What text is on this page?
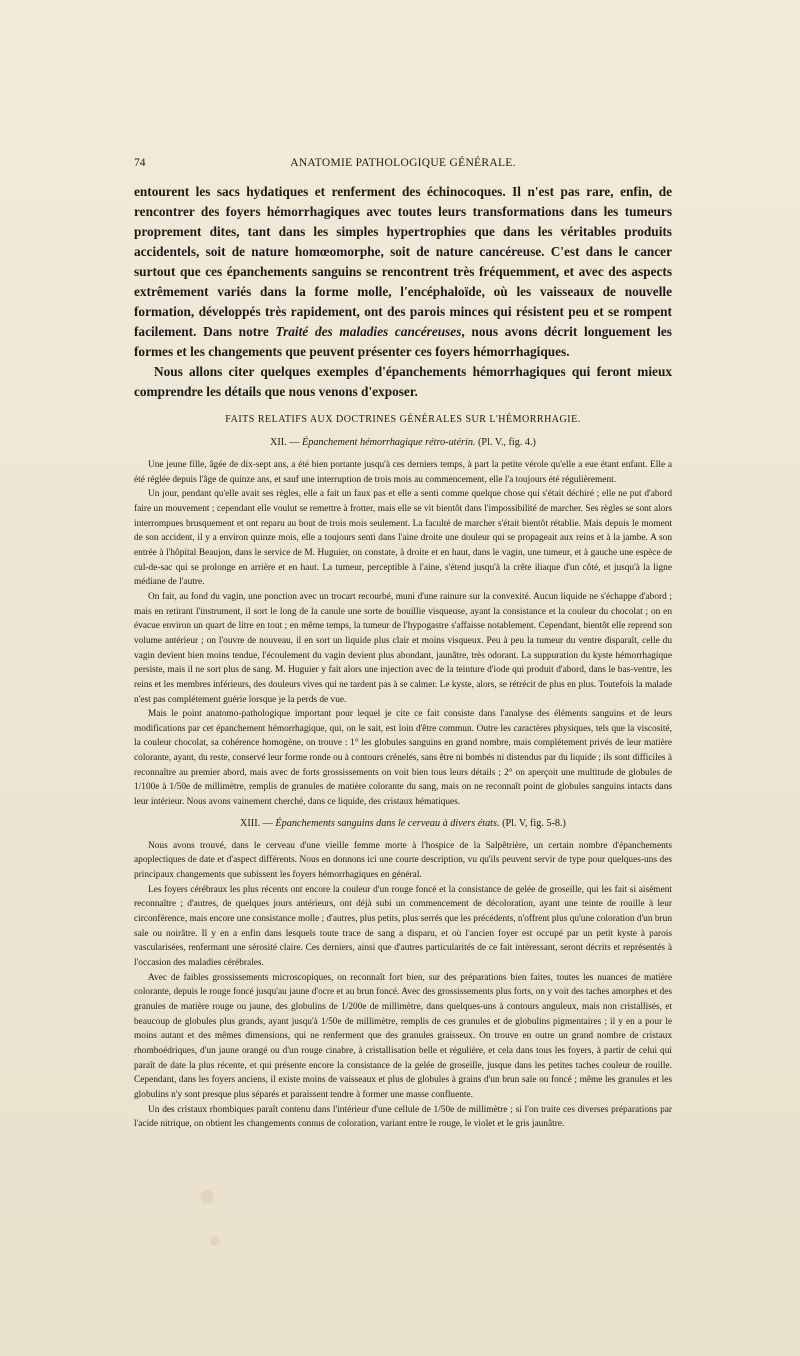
74	ANATOMIE PATHOLOGIQUE GÉNÉRALE.

entourent les sacs hydatiques et renferment des échinocoques. Il n'est pas rare, enfin, de rencontrer des foyers hémorrhagiques avec toutes leurs transformations dans les tumeurs proprement dites, tant dans les simples hypertrophies que dans les véritables produits accidentels, soit de nature homœomorphe, soit de nature cancéreuse. C'est dans le cancer surtout que ces épanchements sanguins se rencontrent très fréquemment, et avec des aspects extrêmement variés dans la forme molle, l'encéphaloïde, où les vaisseaux de nouvelle formation, développés très rapidement, ont des parois minces qui résistent peu et se rompent facilement. Dans notre Traité des maladies cancéreuses, nous avons décrit longuement les formes et les changements que peuvent présenter ces foyers hémorrhagiques.

Nous allons citer quelques exemples d'épanchements hémorrhagiques qui feront mieux comprendre les détails que nous venons d'exposer.

FAITS RELATIFS AUX DOCTRINES GÉNÉRALES SUR L'HÉMORRHAGIE.
XII. — Épanchement hémorrhagique rétro-utérin. (Pl. V., fig. 4.)

Une jeune fille, âgée de dix-sept ans, a été bien portante jusqu'à ces derniers temps, à part la petite vérole qu'elle a eue étant enfant. Elle a été réglée depuis l'âge de quinze ans, et sauf une interruption de trois mois au commencement, elle l'a toujours été régulièrement.

Un jour, pendant qu'elle avait ses règles, elle a fait un faux pas et elle a senti comme quelque chose qui s'était déchiré ; elle ne put d'abord faire un mouvement ; cependant elle voulut se remettre à frotter, mais elle se vit bientôt dans l'impossibilité de marcher. Ses règles se sont alors interrompues brusquement et ont reparu au bout de trois mois seulement. La faculté de marcher s'était bientôt rétablie. Mais depuis le moment de son accident, il y a environ quinze mois, elle a toujours senti dans l'aine droite une douleur qui se propageait aux reins et à la jambe. A son entrée à l'hôpital Beaujon, dans le service de M. Huguier, on constate, à droite et en haut, dans le vagin, une tumeur, et à gauche une espèce de cul-de-sac qui se prolonge en arrière et en haut. La tumeur, perceptible à l'aine, s'étend jusqu'à la crête iliaque d'un côté, et jusqu'à la ligne médiane de l'autre.

On fait, au fond du vagin, une ponction avec un trocart recourbé, muni d'une rainure sur la convexité. Aucun liquide ne s'échappe d'abord ; mais en retirant l'instrument, il sort le long de la canule une sorte de bouillie visqueuse, ayant la consistance et la couleur du chocolat ; on en évacue environ un quart de litre en tout ; en même temps, la tumeur de l'hypogastre s'affaisse notablement. Cependant, bientôt elle reprend son volume antérieur ; on l'ouvre de nouveau, il en sort un liquide plus clair et moins visqueux. Peu à peu la tumeur du ventre disparaît, celle du vagin devient bien moins tendue, l'écoulement du vagin devient plus abondant, jaunâtre, très odorant. La suppuration du kyste hémorrhagique persiste, mais il ne sort plus de sang. M. Huguier y fait alors une injection avec de la teinture d'iode qui produit d'abord, dans le bas-ventre, les reins et les membres inférieurs, des douleurs vives qui ne tardent pas à se calmer. Le kyste, alors, se rétrécit de plus en plus. Toutefois la malade n'est pas complétement guérie lorsque je la perds de vue.

Mais le point anatomo-pathologique important pour lequel je cite ce fait consiste dans l'analyse des éléments sanguins et de leurs modifications par cet épanchement hémorrhagique, qui, on le sait, est loin d'être commun. Outre les caractères physiques, tels que la viscosité, la couleur chocolat, sa cohérence homogène, on trouve : 1° les globules sanguins en grand nombre, mais complétement privés de leur matière colorante, ayant, du reste, conservé leur forme ronde ou à contours crénelés, sans être ni bombés ni distendus par du liquide ; ils sont difficiles à reconnaître au premier abord, mais avec de forts grossissements on voit bien tous leurs détails ; 2° on aperçoit une multitude de globules de 1/100e à 1/50e de millimètre, remplis de granules de matière colorante du sang, mais on ne reconnaît point de globules sanguins intacts dans leur intérieur. Nous avons vainement cherché, dans ce liquide, des cristaux hématiques.

XIII. — Épanchements sanguins dans le cerveau à divers états. (Pl. V, fig. 5-8.)

Nous avons trouvé, dans le cerveau d'une vieille femme morte à l'hospice de la Salpêtrière, un certain nombre d'épanchements apoplectiques de date et d'aspect différents. Nous en donnons ici une courte description, vu qu'ils peuvent servir de type pour quelques-uns des principaux changements que subissent les foyers hémorrhagiques en général.

Les foyers cérébraux les plus récents ont encore la couleur d'un rouge foncé et la consistance de gelée de groseille, qui les fait si aisément reconnaître ; d'autres, de quelques jours antérieurs, ont déjà subi un commencement de décoloration, ayant une teinte de rouille à leur circonférence, mais encore une consistance molle ; d'autres, plus petits, plus serrés que les précédents, n'offrent plus qu'une coloration d'un brun sale ou noirâtre. Il y en a enfin dans lesquels toute trace de sang a disparu, et où l'ancien foyer est occupé par un petit kyste à parois vascularisées, renfermant une sérosité claire. Ces derniers, ainsi que d'autres particularités de ce fait intéressant, seront décrits et représentés à l'occasion des maladies cérébrales.

Avec de faibles grossissements microscopiques, on reconnaît fort bien, sur des préparations bien faites, toutes les nuances de matière colorante, depuis le rouge foncé jusqu'au jaune d'ocre et au brun foncé. Avec des grossissements plus forts, on y voit des taches amorphes et des granules de matière rouge ou jaune, des globulins de 1/200e de millimètre, dans quelques-uns à contours anguleux, mais non cristallisés, et beaucoup de globules plus grands, ayant jusqu'à 1/50e de millimètre, remplis de ces granules et de globulins pigmentaires ; il y en a pour le moins autant et des mêmes dimensions, qui ne renferment que des granules graisseux. On trouve en outre un grand nombre de cristaux rhomboédriques, d'un jaune orangé ou d'un rouge cinabre, à cristallisation belle et régulière, et cela dans tous les foyers, à partir de celui qui paraît de date la plus récente, et qui présente encore la consistance de la gelée de groseille, jusque dans les petites taches couleur de rouille. Cependant, dans les foyers anciens, il existe moins de vaisseaux et plus de globules à grains d'un brun sale ou foncé ; même les granules et les globulins n'y sont presque plus séparés et paraissent tendre à former une masse confluente.

Un des cristaux rhombiques paraît contenu dans l'intérieur d'une cellule de 1/50e de millimètre ; si l'on traite ces diverses préparations par l'acide nitrique, on obtient les changements connus de coloration, variant entre le rouge, le violet et le gris jaunâtre.
